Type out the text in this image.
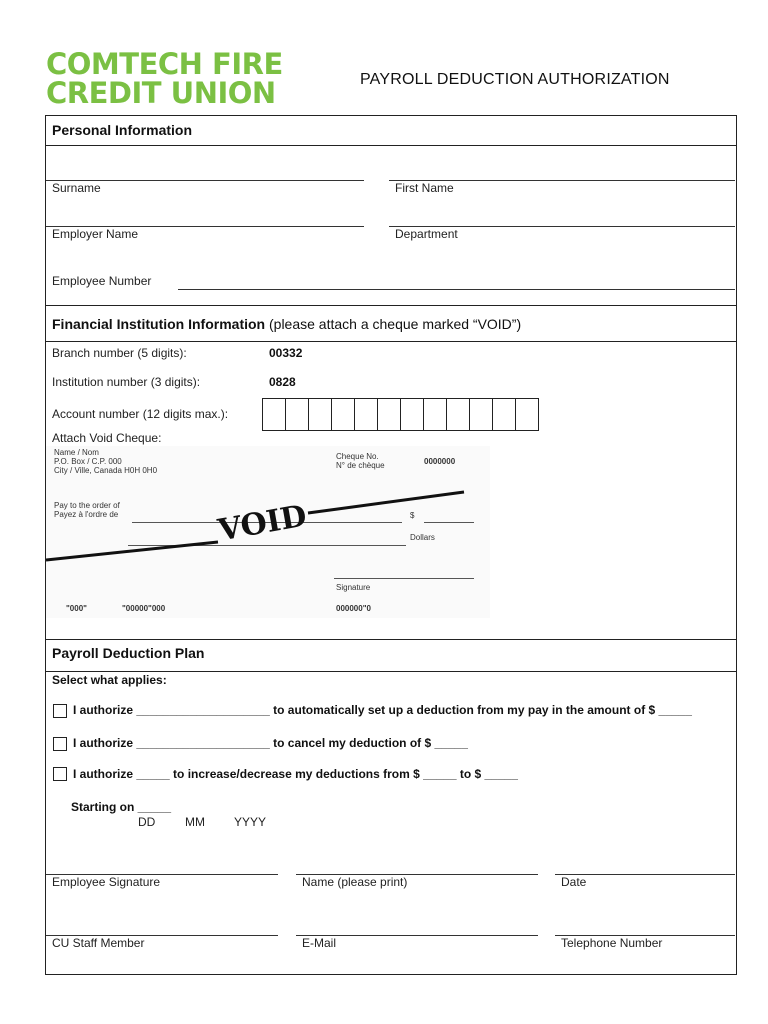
COMTECH FIRE
CREDIT UNION	PAYROLL DEDUCTION AUTHORIZATION
Personal Information
Surname	First Name
Employer Name	Department
Employee Number
Financial Institution Information (please attach a cheque marked “VOID”)
Branch number (5 digits):	00332
Institution number (3 digits):	0828
Account number (12 digits max.):
Attach Void Cheque:
Name / Nom
P.O. Box / C.P. 000
City / Ville, Canada H0H 0H0
Cheque No.
N° de chèque	0000000
Pay to the order of
Payez à l'ordre de	$
Dollars
VOID
Signature
"000"	"00000"000	000000"0
Payroll Deduction Plan
Select what applies:
I authorize ____________________ to automatically set up a deduction from my pay in the amount of $ _____
I authorize ____________________ to cancel my deduction of $ _____
I authorize _____ to increase/decrease my deductions from $ _____ to $ _____
Starting on _____
DD MM YYYY
Employee Signature	Name (please print)	Date
CU Staff Member	E-Mail	Telephone Number
